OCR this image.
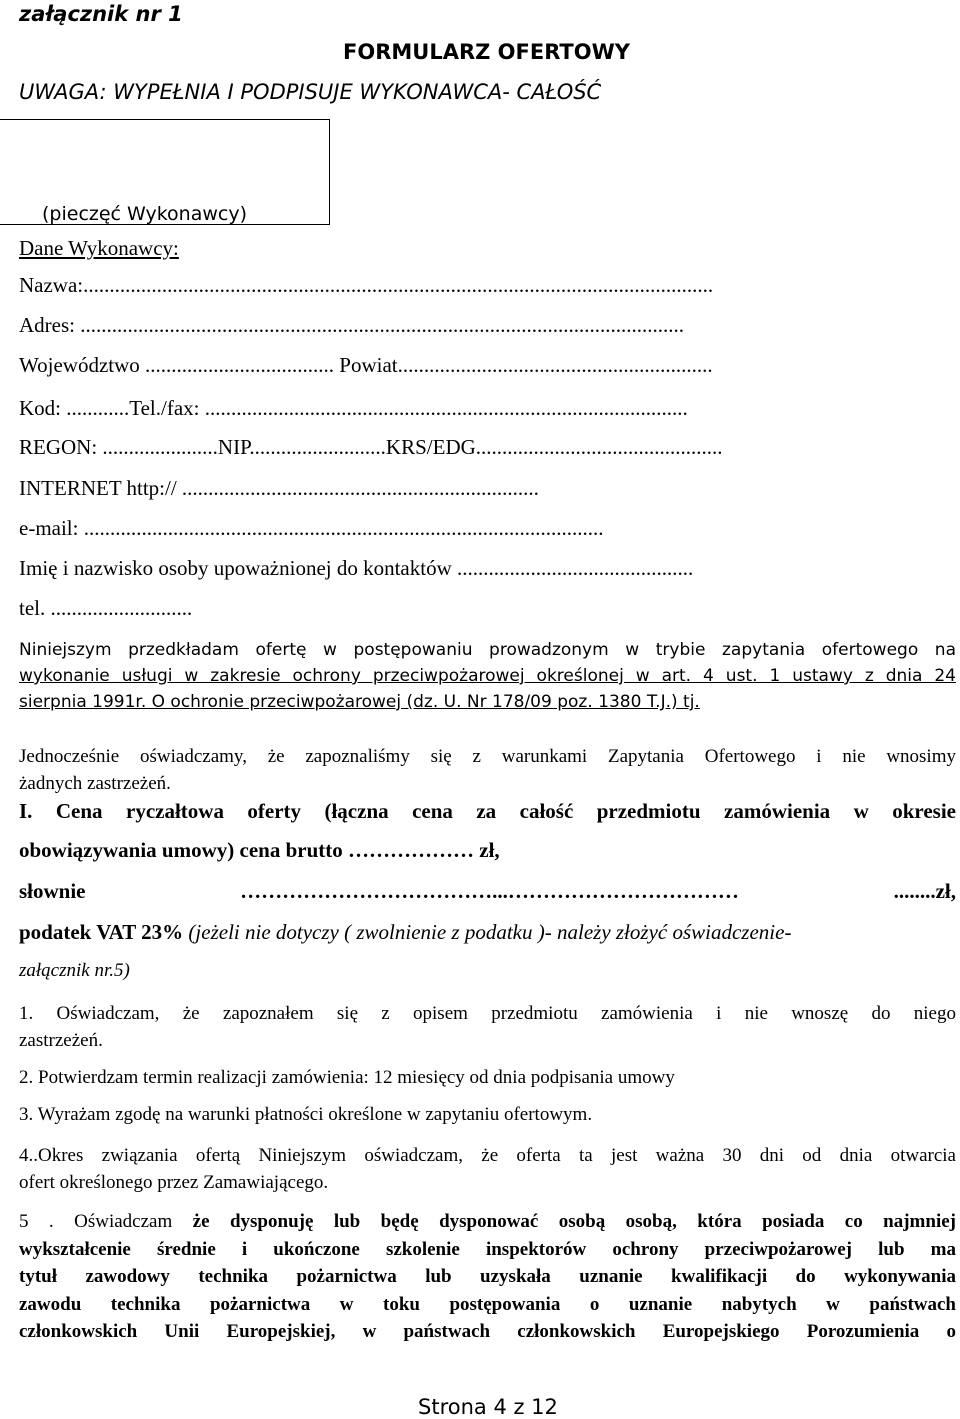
załącznik nr 1
FORMULARZ OFERTOWY
UWAGA: WYPEŁNIA I PODPISUJE WYKONAWCA- CAŁOŚĆ
(pieczęć Wykonawcy)
Dane Wykonawcy:
Nazwa:........................................................................................................................
Adres: ...................................................................................................................
Województwo .................................... Powiat............................................................
Kod: ............Tel./fax: ............................................................................................
REGON: ......................NIP..........................KRS/EDG...............................................
INTERNET http:// ....................................................................
e-mail: ...................................................................................................
Imię i nazwisko osoby upoważnionej do kontaktów .............................................
tel. ...........................
Niniejszym przedkładam ofertę w postępowaniu prowadzonym w trybie zapytania ofertowego na
wykonanie usługi w zakresie ochrony przeciwpożarowej określonej w art. 4 ust. 1 ustawy z dnia 24
sierpnia 1991r. O ochronie przeciwpożarowej (dz. U. Nr 178/09 poz. 1380 T.J.) tj.
Jednocześnie oświadczamy, że zapoznaliśmy się z warunkami Zapytania Ofertowego i nie wnosimy
żadnych zastrzeżeń.
I. Cena ryczałtowa oferty (łączna cena za całość przedmiotu zamówienia w okresie
obowiązywania umowy) cena brutto ……………… zł,
słownie ………………………………...…………………………… ........zł,
podatek VAT 23% (jeżeli nie dotyczy ( zwolnienie z podatku )- należy złożyć oświadczenie-
załącznik nr.5)
1. Oświadczam, że zapoznałem się z opisem przedmiotu zamówienia i nie wnoszę do niego
zastrzeżeń.
2. Potwierdzam termin realizacji zamówienia: 12 miesięcy od dnia podpisania umowy
3. Wyrażam zgodę na warunki płatności określone w zapytaniu ofertowym.
4..Okres związania ofertą Niniejszym oświadczam, że oferta ta jest ważna 30 dni od dnia otwarcia
ofert określonego przez Zamawiającego.
5 . Oświadczam że dysponuję lub będę dysponować osobą osobą, która posiada co najmniej
wykształcenie średnie i ukończone szkolenie inspektorów ochrony przeciwpożarowej lub ma
tytuł zawodowy technika pożarnictwa lub uzyskała uznanie kwalifikacji do wykonywania
zawodu technika pożarnictwa w toku postępowania o uznanie nabytych w państwach
członkowskich Unii Europejskiej, w państwach członkowskich Europejskiego Porozumienia o
Strona 4 z 12
